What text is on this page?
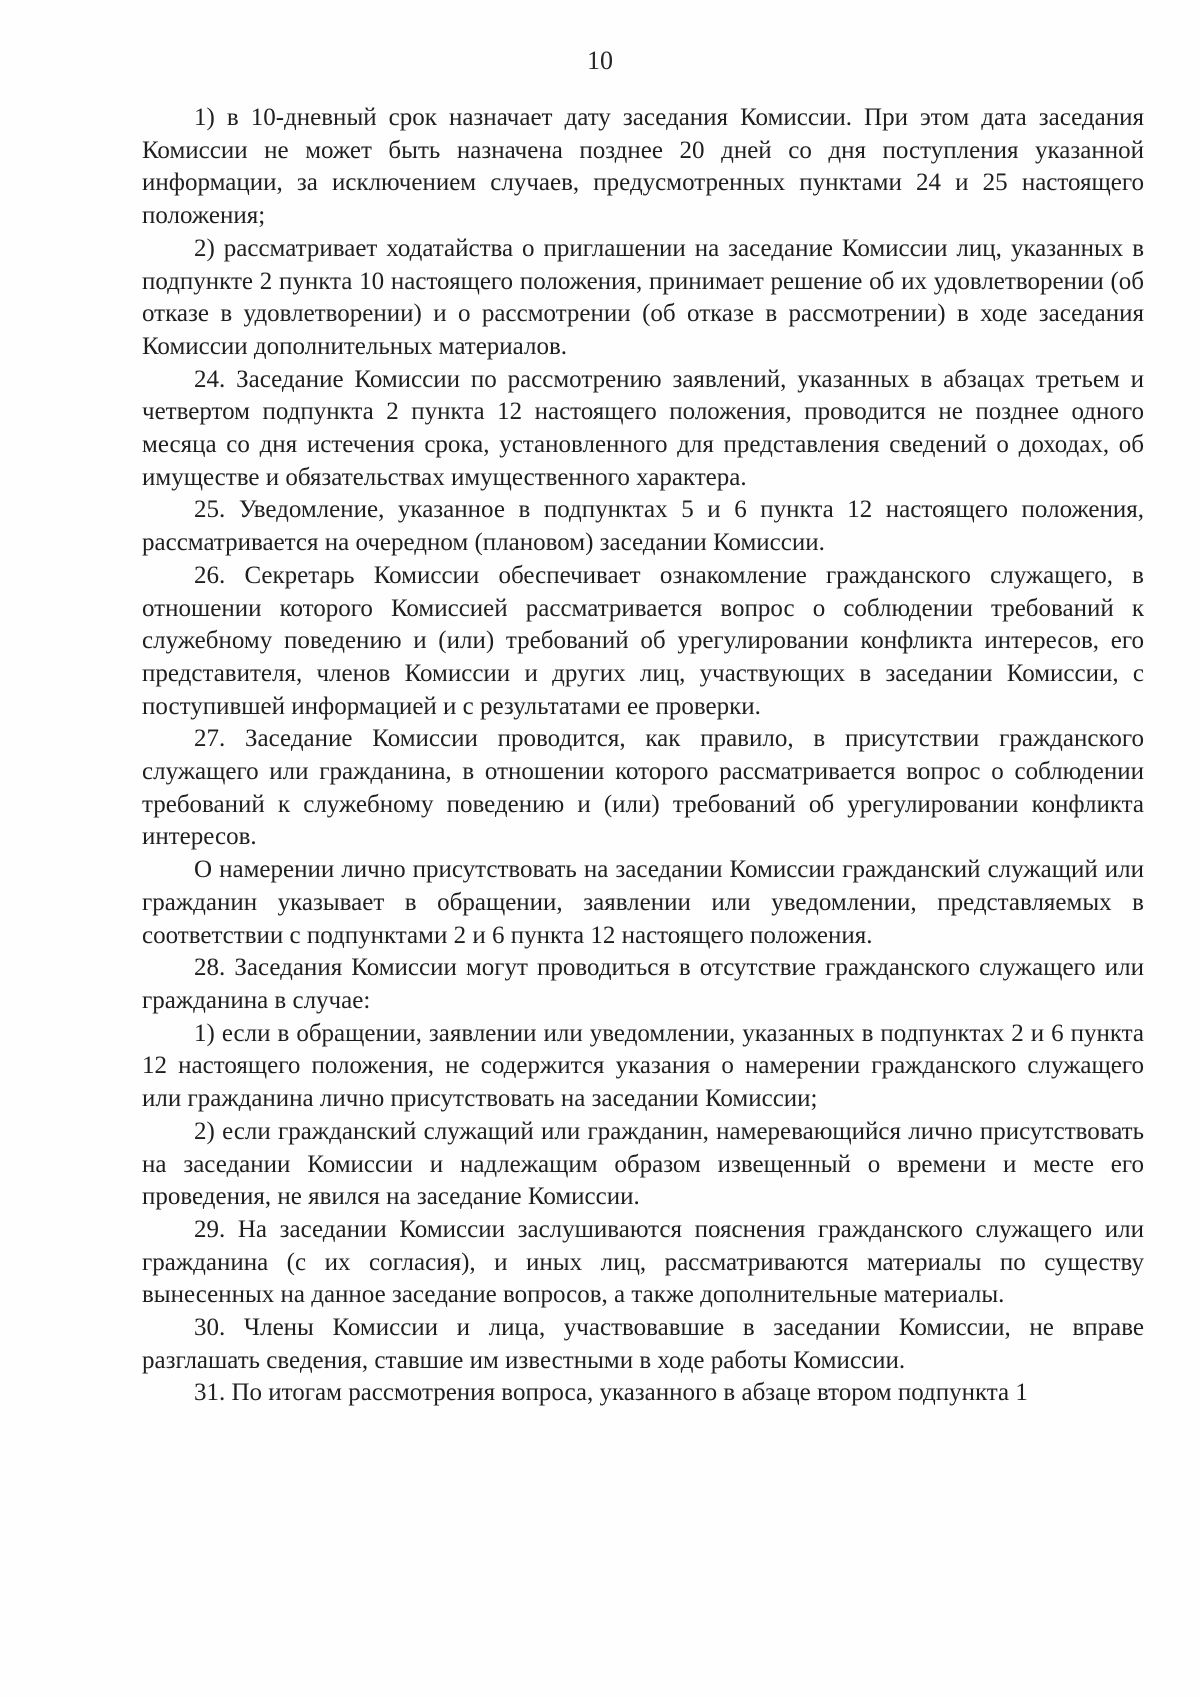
10

1) в 10-дневный срок назначает дату заседания Комиссии. При этом дата заседания Комиссии не может быть назначена позднее 20 дней со дня поступления указанной информации, за исключением случаев, предусмотренных пунктами 24 и 25 настоящего положения;

2) рассматривает ходатайства о приглашении на заседание Комиссии лиц, указанных в подпункте 2 пункта 10 настоящего положения, принимает решение об их удовлетворении (об отказе в удовлетворении) и о рассмотрении (об отказе в рассмотрении) в ходе заседания Комиссии дополнительных материалов.

24. Заседание Комиссии по рассмотрению заявлений, указанных в абзацах третьем и четвертом подпункта 2 пункта 12 настоящего положения, проводится не позднее одного месяца со дня истечения срока, установленного для представления сведений о доходах, об имуществе и обязательствах имущественного характера.

25. Уведомление, указанное в подпунктах 5 и 6 пункта 12 настоящего положения, рассматривается на очередном (плановом) заседании Комиссии.

26. Секретарь Комиссии обеспечивает ознакомление гражданского служащего, в отношении которого Комиссией рассматривается вопрос о соблюдении требований к служебному поведению и (или) требований об урегулировании конфликта интересов, его представителя, членов Комиссии и других лиц, участвующих в заседании Комиссии, с поступившей информацией и с результатами ее проверки.

27. Заседание Комиссии проводится, как правило, в присутствии гражданского служащего или гражданина, в отношении которого рассматривается вопрос о соблюдении требований к служебному поведению и (или) требований об урегулировании конфликта интересов.

О намерении лично присутствовать на заседании Комиссии гражданский служащий или гражданин указывает в обращении, заявлении или уведомлении, представляемых в соответствии с подпунктами 2 и 6 пункта 12 настоящего положения.

28. Заседания Комиссии могут проводиться в отсутствие гражданского служащего или гражданина в случае:

1) если в обращении, заявлении или уведомлении, указанных в подпунктах 2 и 6 пункта 12 настоящего положения, не содержится указания о намерении гражданского служащего или гражданина лично присутствовать на заседании Комиссии;

2) если гражданский служащий или гражданин, намеревающийся лично присутствовать на заседании Комиссии и надлежащим образом извещенный о времени и месте его проведения, не явился на заседание Комиссии.

29. На заседании Комиссии заслушиваются пояснения гражданского служащего или гражданина (с их согласия), и иных лиц, рассматриваются материалы по существу вынесенных на данное заседание вопросов, а также дополнительные материалы.

30. Члены Комиссии и лица, участвовавшие в заседании Комиссии, не вправе разглашать сведения, ставшие им известными в ходе работы Комиссии.

31. По итогам рассмотрения вопроса, указанного в абзаце втором подпункта 1
